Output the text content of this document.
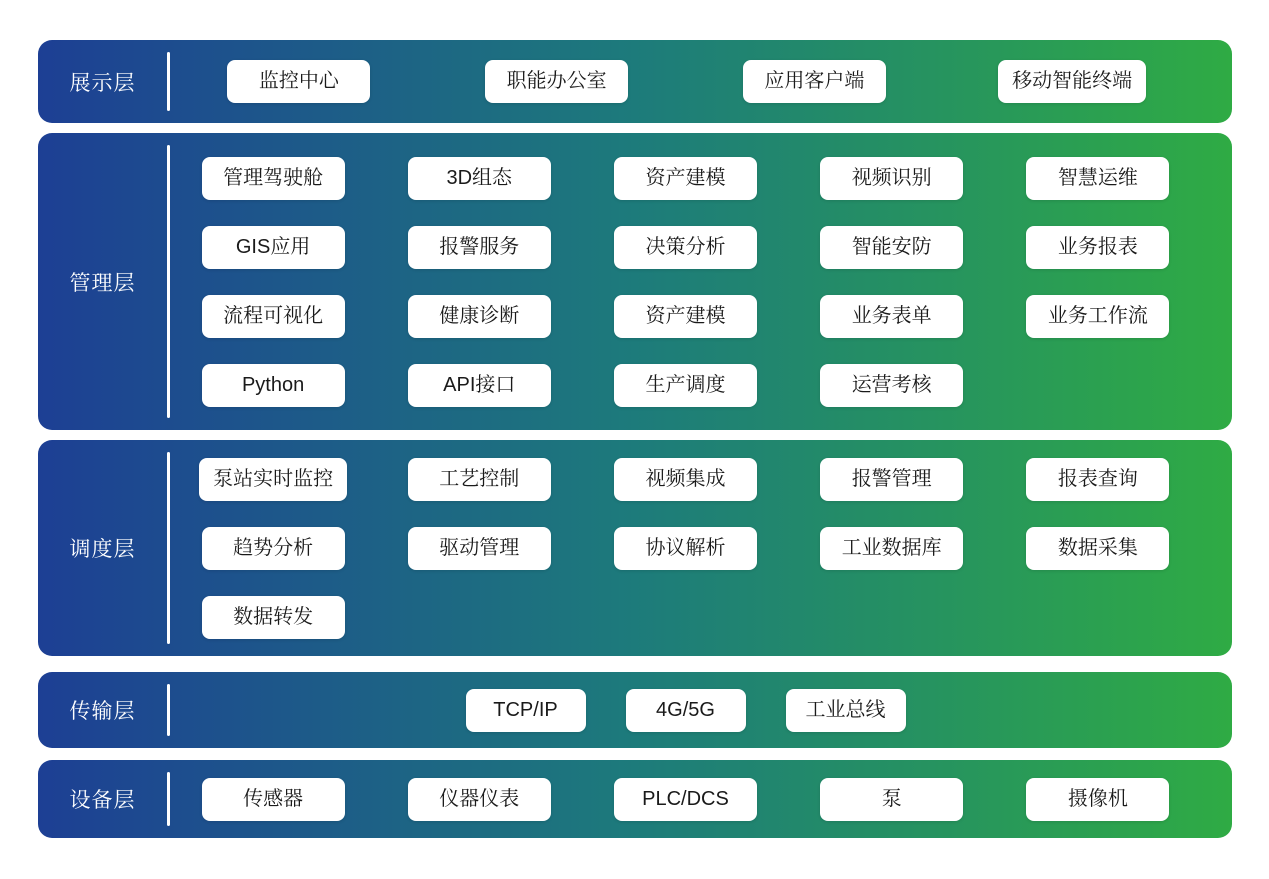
展示层	监控中心	职能办公室	应用客户端	移动智能终端
管理层
管理驾驶舱	3D组态	资产建模	视频识别	智慧运维
GIS应用	报警服务	决策分析	智能安防	业务报表
流程可视化	健康诊断	资产建模	业务表单	业务工作流
Python	API接口	生产调度	运营考核
调度层
泵站实时监控	工艺控制	视频集成	报警管理	报表查询
趋势分析	驱动管理	协议解析	工业数据库	数据采集
数据转发
传输层	TCP/IP	4G/5G	工业总线
设备层	传感器	仪器仪表	PLC/DCS	泵	摄像机
